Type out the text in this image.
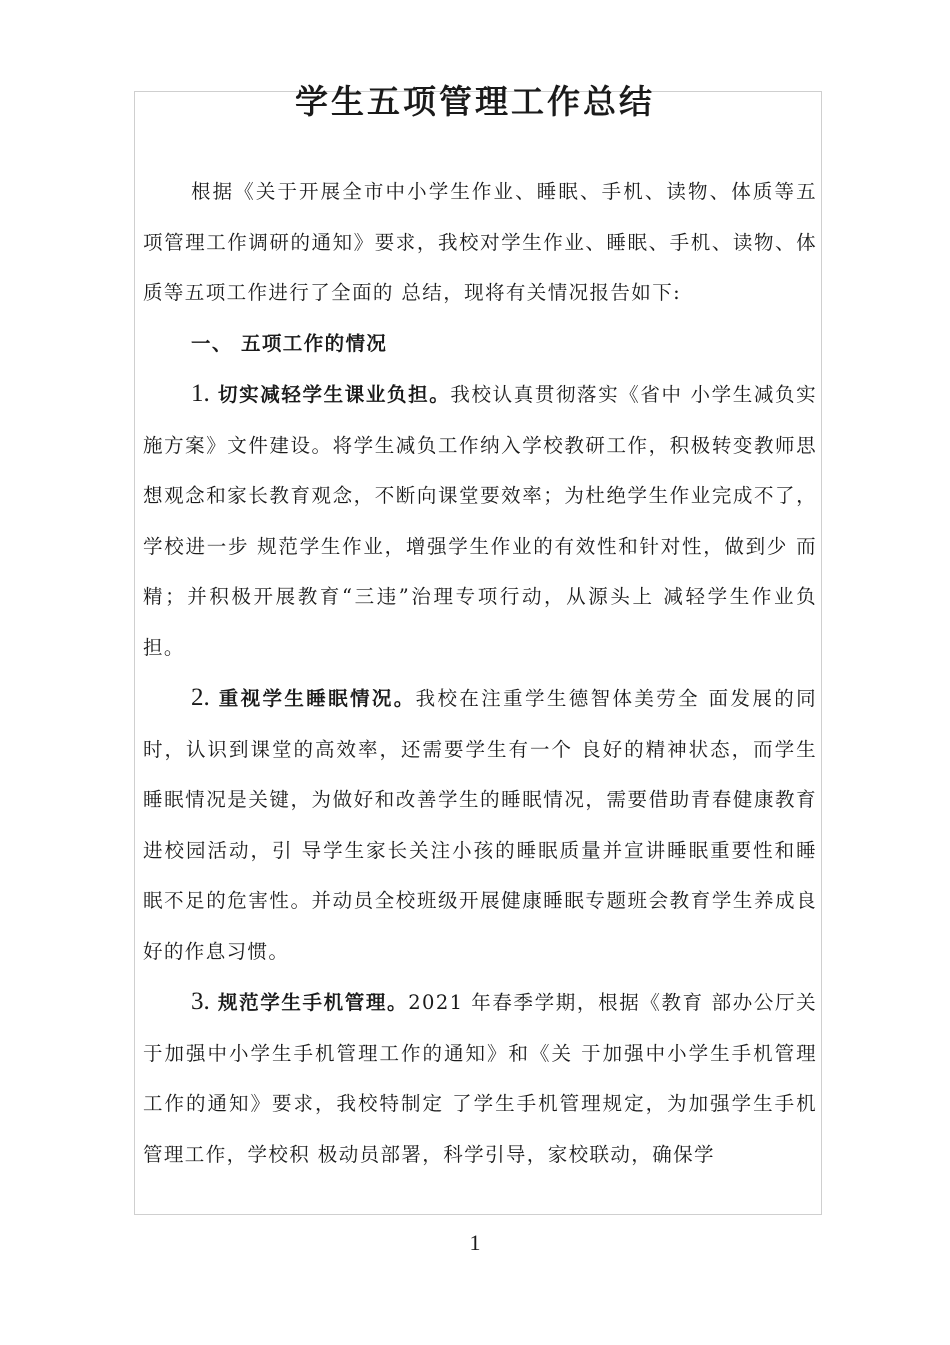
学生五项管理工作总结

根据《关于开展全市中小学生作业、睡眠、手机、读物、体质等五项管理工作调研的通知》要求，我校对学生作业、睡眠、手机、读物、体质等五项工作进行了全面的 总结，现将有关情况报告如下:

一、 五项工作的情况

1. 切实减轻学生课业负担。我校认真贯彻落实《省中 小学生减负实施方案》文件建设。将学生减负工作纳入学校教研工作，积极转变教师思想观念和家长教育观念，不断向课堂要效率；为杜绝学生作业完成不了，学校进一步 规范学生作业，增强学生作业的有效性和针对性，做到少 而精；并积极开展教育“三违”治理专项行动，从源头上 减轻学生作业负担。

2. 重视学生睡眠情况。我校在注重学生德智体美劳全 面发展的同时，认识到课堂的高效率，还需要学生有一个 良好的精神状态，而学生睡眠情况是关键，为做好和改善学生的睡眠情况，需要借助青春健康教育进校园活动，引 导学生家长关注小孩的睡眠质量并宣讲睡眠重要性和睡 眠不足的危害性。并动员全校班级开展健康睡眠专题班会教育学生养成良好的作息习惯。

3. 规范学生手机管理。2021 年春季学期，根据《教育 部办公厅关于加强中小学生手机管理工作的通知》和《关 于加强中小学生手机管理工作的通知》要求，我校特制定 了学生手机管理规定，为加强学生手机管理工作，学校积 极动员部署，科学引导，家校联动，确保学

1
